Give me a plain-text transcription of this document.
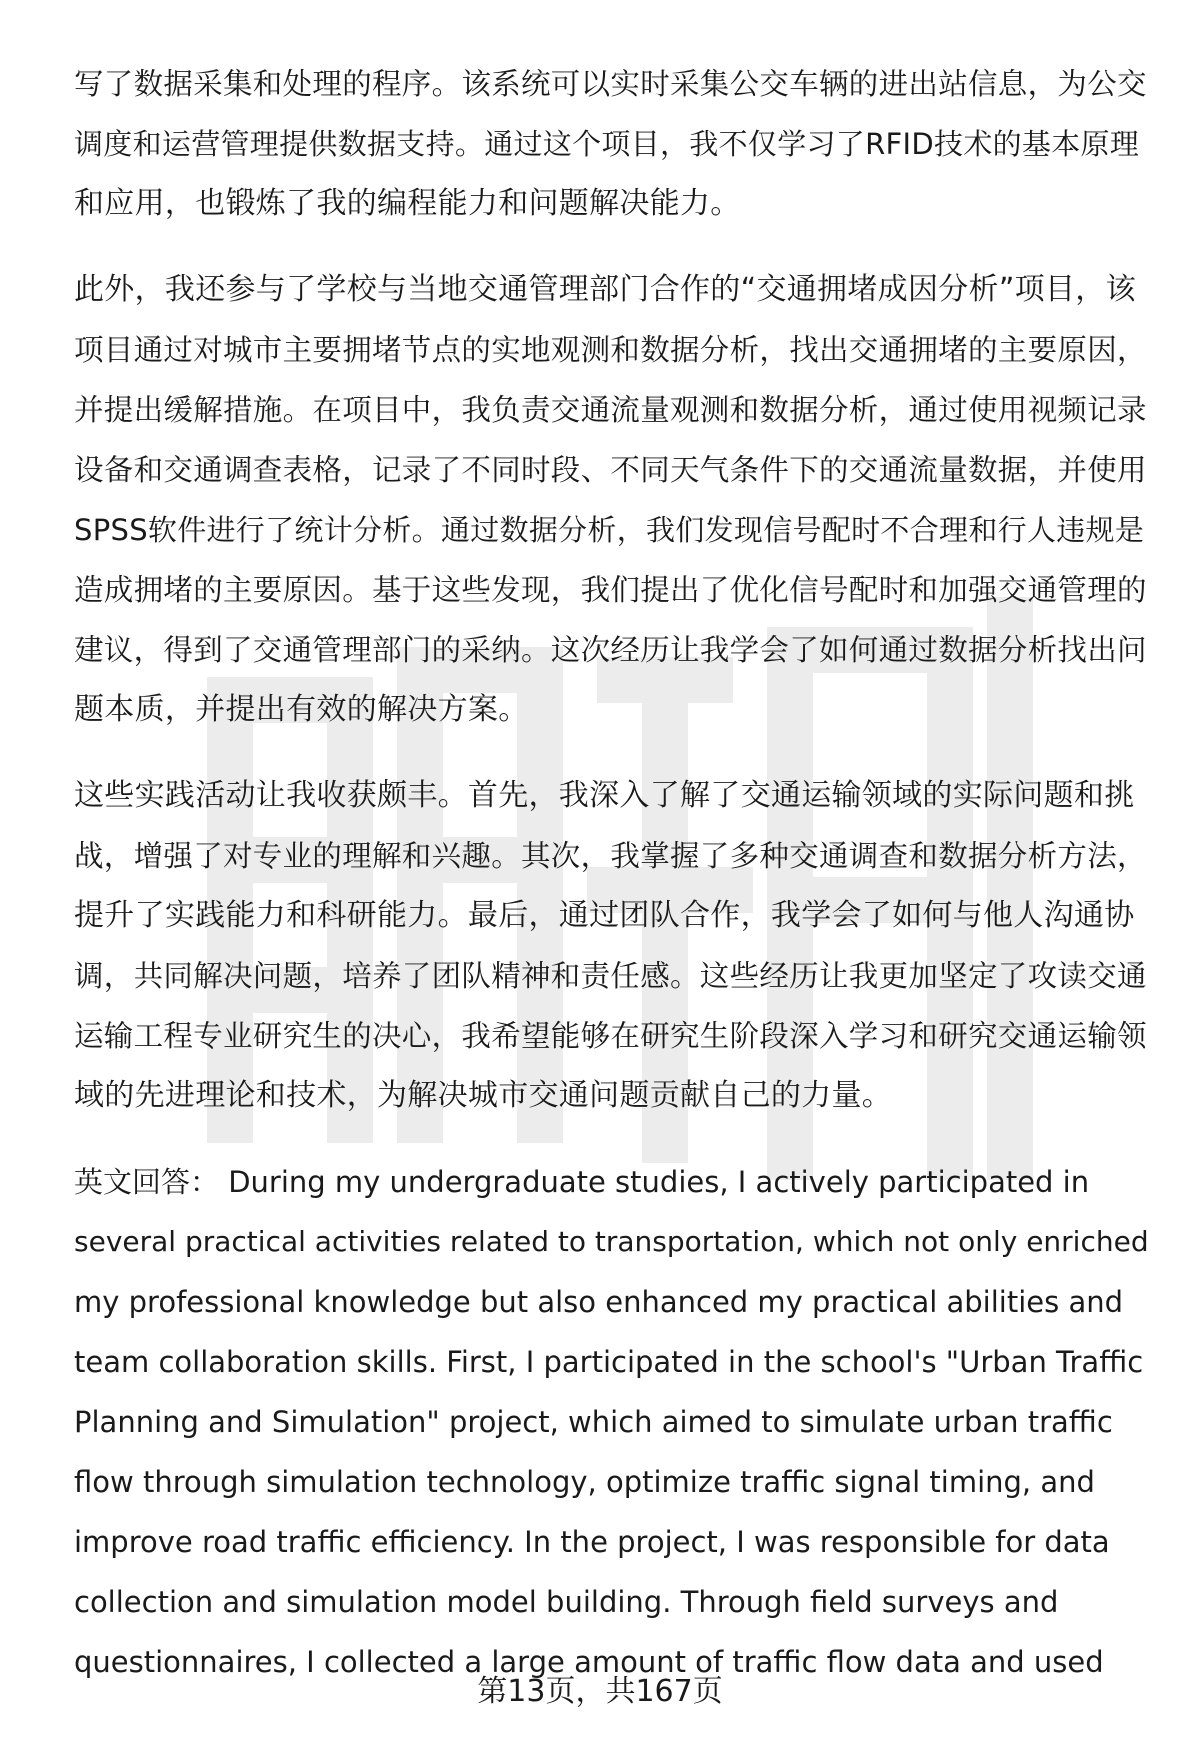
写了数据采集和处理的程序。该系统可以实时采集公交车辆的进出站信息，为公交
调度和运营管理提供数据支持。通过这个项目，我不仅学习了RFID技术的基本原理
和应用，也锻炼了我的编程能力和问题解决能力。

此外，我还参与了学校与当地交通管理部门合作的“交通拥堵成因分析”项目，该
项目通过对城市主要拥堵节点的实地观测和数据分析，找出交通拥堵的主要原因，
并提出缓解措施。在项目中，我负责交通流量观测和数据分析，通过使用视频记录
设备和交通调查表格，记录了不同时段、不同天气条件下的交通流量数据，并使用
SPSS软件进行了统计分析。通过数据分析，我们发现信号配时不合理和行人违规是
造成拥堵的主要原因。基于这些发现，我们提出了优化信号配时和加强交通管理的
建议，得到了交通管理部门的采纳。这次经历让我学会了如何通过数据分析找出问
题本质，并提出有效的解决方案。

这些实践活动让我收获颇丰。首先，我深入了解了交通运输领域的实际问题和挑
战，增强了对专业的理解和兴趣。其次，我掌握了多种交通调查和数据分析方法，
提升了实践能力和科研能力。最后，通过团队合作，我学会了如何与他人沟通协
调，共同解决问题，培养了团队精神和责任感。这些经历让我更加坚定了攻读交通
运输工程专业研究生的决心，我希望能够在研究生阶段深入学习和研究交通运输领
域的先进理论和技术，为解决城市交通问题贡献自己的力量。

英文回答： During my undergraduate studies, I actively participated in
several practical activities related to transportation, which not only enriched
my professional knowledge but also enhanced my practical abilities and
team collaboration skills. First, I participated in the school's "Urban Traffic
Planning and Simulation" project, which aimed to simulate urban traffic
flow through simulation technology, optimize traffic signal timing, and
improve road traffic efficiency. In the project, I was responsible for data
collection and simulation model building. Through field surveys and
questionnaires, I collected a large amount of traffic flow data and used

第13页，共167页
